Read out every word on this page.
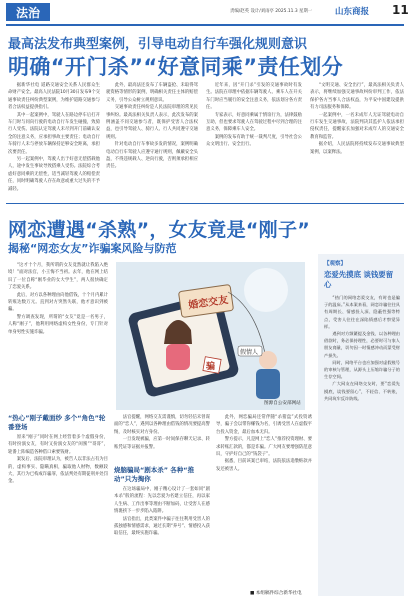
法治	责编/赵英 设计/刘雨亭 2025.11.3 星期一	山东商报 11
最高法发布典型案例，引导电动自行车强化规则意识
明确“开门杀”“好意同乘”责任划分

据新华社电 道路交通安全关系人民群众生命财产安全。最高人民法院10月30日发布9个交通事故责任纠纷典型案例，为维护道路交通参与者合法权益提供指引。

其中一起案例中，驾驶人在路边停车后打开车门时与同向行驶的电动自行车发生碰撞，致骑行人受伤。法院认定驾驶人未尽到开门前确认安全的注意义务，应承担事故主要责任；电动自行车骑行人未与停放车辆保持足够安全距离，承担次要责任。

另一起案例中，驾驶人出于好意无偿搭载他人，途中发生事故导致搭乘人受伤。法院综合考虑好意同乘的无偿性，适当减轻驾驶人的赔偿责任，同时明确驾驶人存在故意或重大过失的不予减轻。

此外，最高法还发布了车辆盗抢、未取得驾驶资格等情形的案例，明确相关责任主体的赔偿义务，引导公众树立规则意识。

交通事故责任纠纷是人民法院审理的常见民事纠纷。最高法相关负责人表示，此次发布的案例涵盖不同交通参与者，既保护受害人合法权益，也引导驾驶人、骑行人、行人共同遵守交通规则。

针对电动自行车事故多发的情况，案例明确电动自行车驾驶人应遵守通行规则，佩戴安全头盔，不得违规载人、逆向行驶，否则须承担相应责任。

近年来，因“开门杀”引发的交通事故时有发生。法院在审理中依据车辆驾驶人、乘车人在开关车门时应当履行的安全注意义务，依法划分各方责任。

专家表示，好意同乘属于情谊行为，法律鼓励互助，但也要求驾驶人在驾驶过程中尽到合理的注意义务，保障乘车人安全。

案例的发布有助于统一裁判尺度，引导社会公众文明出行、安全出行。

“文明交通、安全出行”，最高法相关负责人表示，将继续加强交通事故纠纷审判工作，依法保护各方当事人合法权益，为平安中国建设提供有力司法服务和保障。

一起案例中，一名未成年人无证驾驶电动自行车发生交通事故，法院判决其监护人依法承担侵权责任，提醒家长加强对未成年人的交通安全教育和监管。

据介绍，人民法院将持续发布交通事故典型案例，以案释法。

网恋遭遇“杀熟”，女友竟是“刚子”
揭秘“网恋女友”诈骗案风险与防范

“这才十个月，我所谓的女友竟然就让我陷入绝境！”面对法官，小王悔不当初。去年，他在网上结识了一位自称“刚毕业的女大学生”，两人很快确定了恋爱关系。

此后，对方以各种理由向他借钱，十个月内累计转账达数万元。直到对方突然失联，他才意识到被骗。

警方调查发现，所谓的“女友”竟是一名男子，人称“刚子”，他利用网络虚构女性身份，专门针对单身男性实施诈骗。

婚恋交友
假情人
骗
图源自公安部网站
“热心”刚子戴面纱 多个“角色”轮番登场

原来“刚子”同时在网上经营着多个虚假身份，有时扮演女友，有时又扮演女友的“闺蜜”“哥哥”，轮番上阵编造各种借口索要钱财。

案发后，法院审理认为，被告人以非法占有为目的，虚构事实、隐瞒真相，骗取他人财物，数额较大，其行为已构成诈骗罪，依法判处有期徒刑并处罚金。

法官提醒，网络交友需谨慎，切勿轻信未曾谋面的“恋人”，遇到以各种理由借钱的情况要提高警惕，及时核实对方身份。

一旦发现被骗，应第一时间保存聊天记录、转账凭证等证据并报警。

烧脑骗局“剧本杀” 各种“推动”只为掏你

在这场骗局中，刚子精心设计了一套如同“剧本杀”般的流程：先以恋爱为名建立信任，再以家人生病、工作出事等理由不断加码，让受害人在感情裹挟下一步步陷入陷阱。

法官指出，此类案件中骗子往往利用受害人的孤独感和情感需求，通过长期“养号”、情感投入获取信任，最终实施诈骗。

此外，网恋骗局还常伴随“杀猪盘”式投资诱导，骗子会以带你赚钱为名，引诱受害人在虚假平台投入资金，最后血本无归。

警方提示，凡是网上“恋人”推荐投资理财、要求转账汇款的，都是诈骗。广大网友要增强防范意识，守护好自己的“钱袋子”。

据悉，目前该案已审结，法院依法追缴赃款并发还被害人。

■ 本组稿件综合新华社电
【观察】
恋爱先摸底 谈钱要留心

“热门的网络恋爱交友，有时也是骗子的温床。”从本案来看，网恋诈骗往往具有周期长、情感投入深、隐蔽性强等特点，受害人往往在深陷情感后才察觉异样。

遇到对方频繁提及金钱、以各种理由借款时，务必保持理性，必要时可与家人朋友商量，切勿因一时情感冲动而蒙受财产损失。

同时，网络平台也应加强对虚假账号的审核与管理，从源头上压缩诈骗分子的生存空间。

广大网友在网络交友时，要“恋爱先摸底，谈钱要留心”，不轻信、不转账，共同筑牢反诈防线。
